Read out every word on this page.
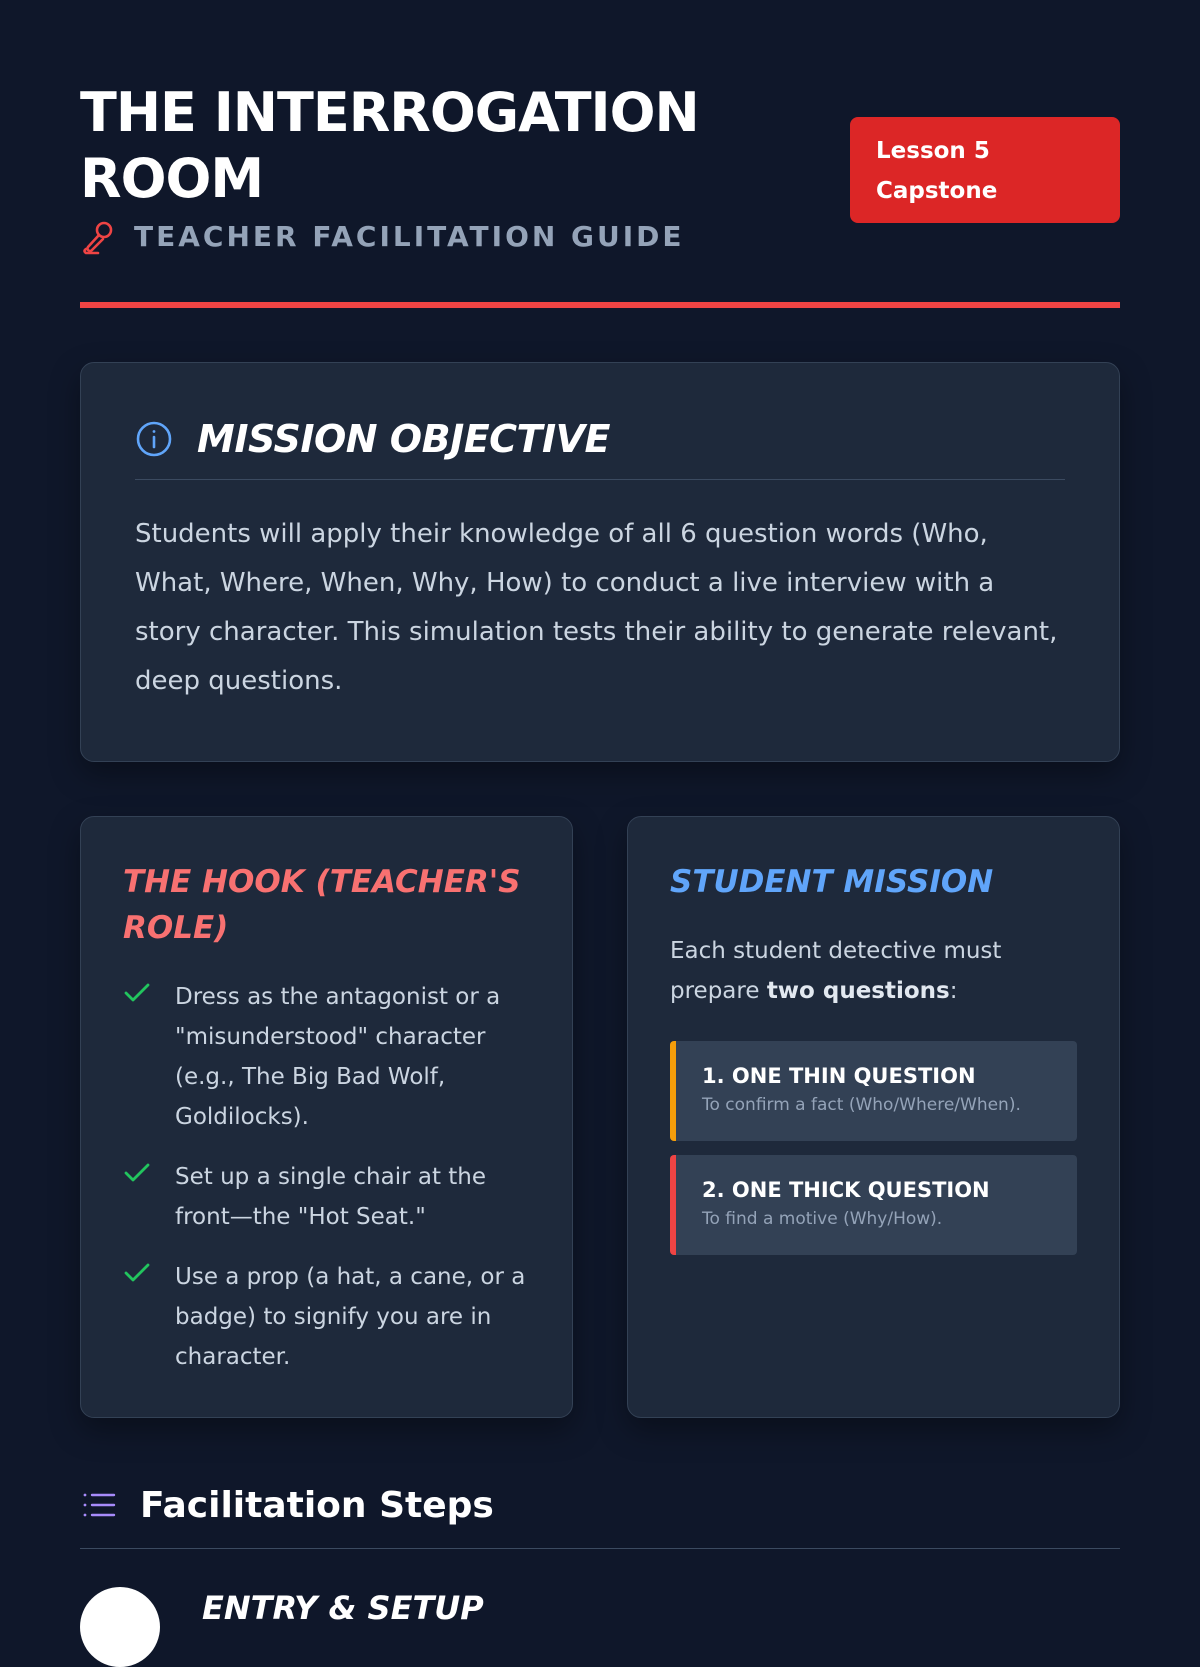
THE INTERROGATION ROOM
TEACHER FACILITATION GUIDE
Lesson 5
Capstone
MISSION OBJECTIVE

Students will apply their knowledge of all 6 question words (Who, What, Where, When, Why, How) to conduct a live interview with a story character. This simulation tests their ability to generate relevant, deep questions.

THE HOOK (TEACHER'S ROLE)
Dress as the antagonist or a "misunderstood" character (e.g., The Big Bad Wolf, Goldilocks).
Set up a single chair at the front—the "Hot Seat."
Use a prop (a hat, a cane, or a badge) to signify you are in character.
STUDENT MISSION

Each student detective must prepare two questions:

1. ONE THIN QUESTION
To confirm a fact (Who/Where/When).
2. ONE THICK QUESTION
To find a motive (Why/How).
Facilitation Steps
ENTRY & SETUP
